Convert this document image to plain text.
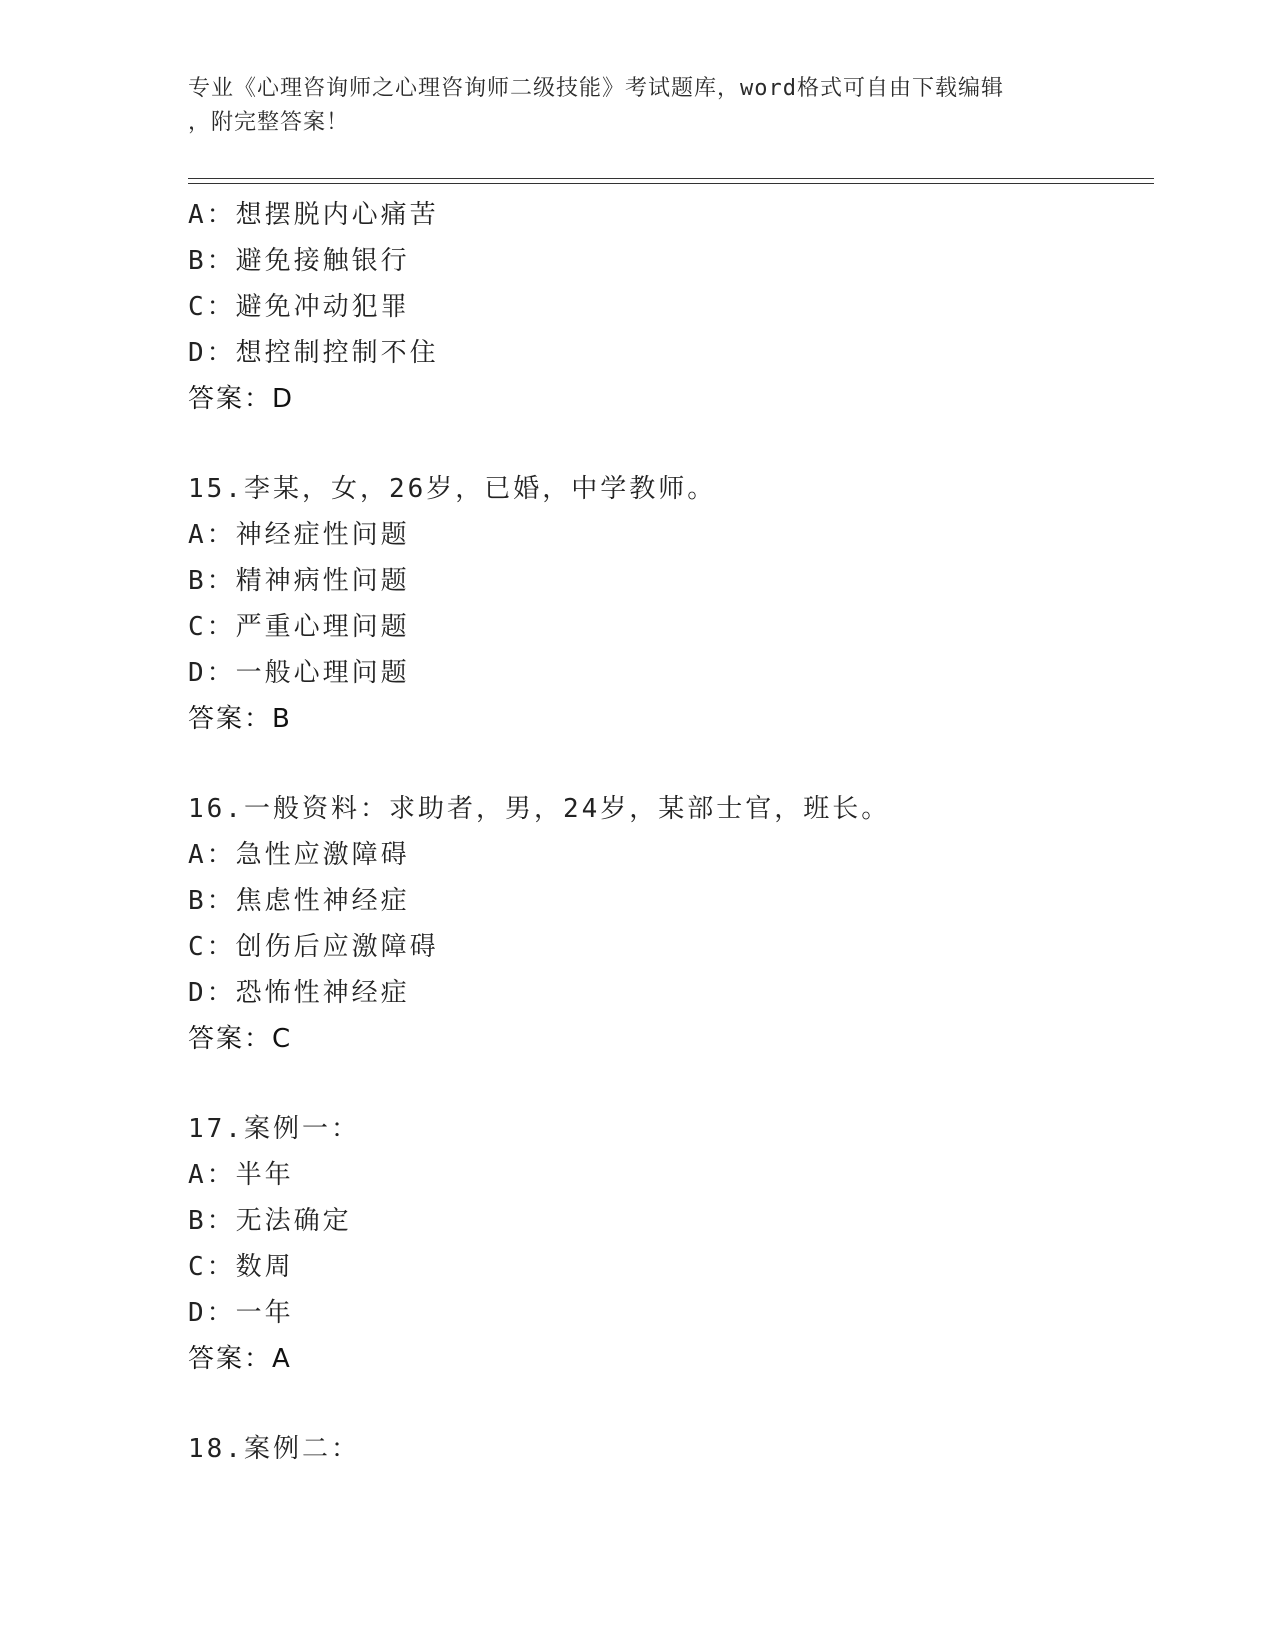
专业《心理咨询师之心理咨询师二级技能》考试题库，word格式可自由下载编辑
，附完整答案！
A：想摆脱内心痛苦
B：避免接触银行
C：避免冲动犯罪
D：想控制控制不住
答案：D
15.李某，女，26岁，已婚，中学教师。
A：神经症性问题
B：精神病性问题
C：严重心理问题
D：一般心理问题
答案：B
16.一般资料：求助者，男，24岁，某部士官，班长。
A：急性应激障碍
B：焦虑性神经症
C：创伤后应激障碍
D：恐怖性神经症
答案：C
17.案例一：
A：半年
B：无法确定
C：数周
D：一年
答案：A
18.案例二：
